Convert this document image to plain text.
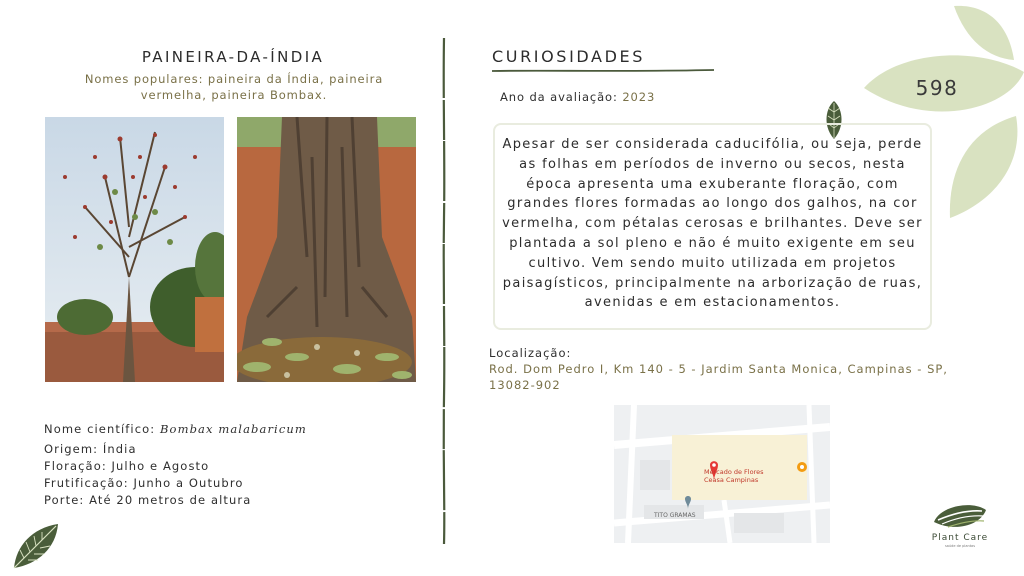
PAINEIRA-DA-ÍNDIA
Nomes populares: paineira da Índia, paineira vermelha, paineira Bombax.
Nome científico: Bombax malabaricum
Origem: Índia
Floração: Julho e Agosto
Frutificação: Junho a Outubro
Porte: Até 20 metros de altura
CURIOSIDADES
Ano da avaliação: 2023
Apesar de ser considerada caducifólia, ou seja, perde as folhas em períodos de inverno ou secos, nesta época apresenta uma exuberante floração, com grandes flores formadas ao longo dos galhos, na cor vermelha, com pétalas cerosas e brilhantes. Deve ser plantada a sol pleno e não é muito exigente em seu cultivo. Vem sendo muito utilizada em projetos paisagísticos, principalmente na arborização de ruas, avenidas e em estacionamentos.
Localização:
Rod. Dom Pedro I, Km 140 - 5 - Jardim Santa Monica, Campinas - SP, 13082-902
Mercado de Flores
Ceasa Campinas
TITO GRAMAS
598
Plant Care
saúde de plantas
